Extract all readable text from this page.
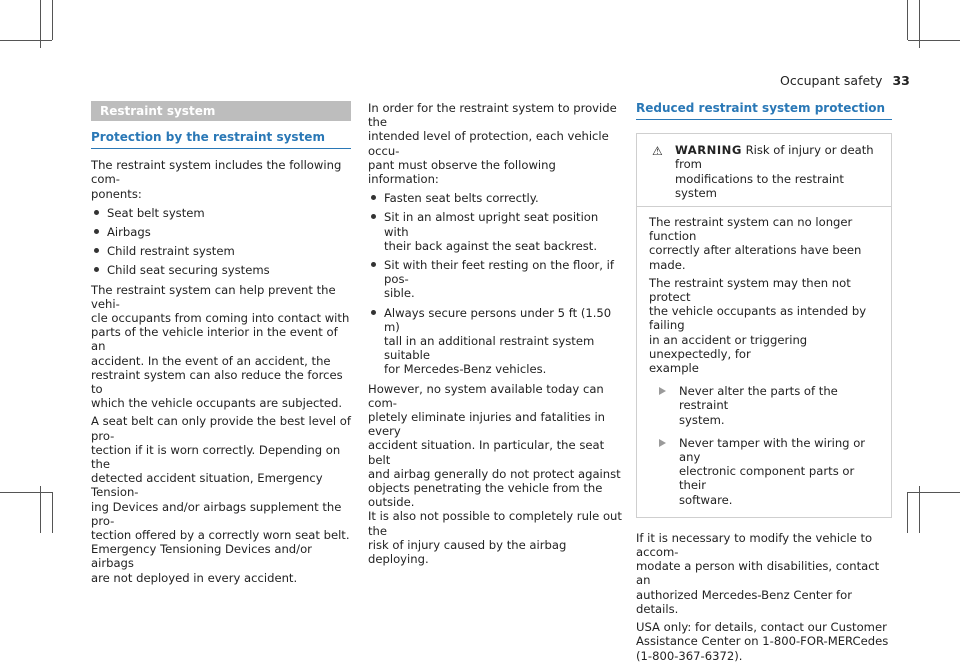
Occupant safety 33
Restraint system
Protection by the restraint system

The restraint system includes the following com-
ponents:

Seat belt system
Airbags
Child restraint system
Child seat securing systems

The restraint system can help prevent the vehi-
cle occupants from coming into contact with
parts of the vehicle interior in the event of an
accident. In the event of an accident, the
restraint system can also reduce the forces to
which the vehicle occupants are subjected.

A seat belt can only provide the best level of pro-
tection if it is worn correctly. Depending on the
detected accident situation, Emergency Tension-
ing Devices and/or airbags supplement the pro-
tection offered by a correctly worn seat belt.
Emergency Tensioning Devices and/or airbags
are not deployed in every accident.

In order for the restraint system to provide the
intended level of protection, each vehicle occu-
pant must observe the following information:

Fasten seat belts correctly.
Sit in an almost upright seat position with
their back against the seat backrest.
Sit with their feet resting on the floor, if pos-
sible.
Always secure persons under 5 ft (1.50 m)
tall in an additional restraint system suitable
for Mercedes-Benz vehicles.

However, no system available today can com-
pletely eliminate injuries and fatalities in every
accident situation. In particular, the seat belt
and airbag generally do not protect against
objects penetrating the vehicle from the outside.
It is also not possible to completely rule out the
risk of injury caused by the airbag deploying.

Reduced restraint system protection
⚠ WARNING Risk of injury or death from
modifications to the restraint system

The restraint system can no longer function
correctly after alterations have been made.

The restraint system may then not protect
the vehicle occupants as intended by failing
in an accident or triggering unexpectedly, for
example

Never alter the parts of the restraint
system.
Never tamper with the wiring or any
electronic component parts or their
software.

If it is necessary to modify the vehicle to accom-
modate a person with disabilities, contact an
authorized Mercedes-Benz Center for details.

USA only: for details, contact our Customer
Assistance Center on 1-800-FOR-MERCedes
(1-800-367-6372).
